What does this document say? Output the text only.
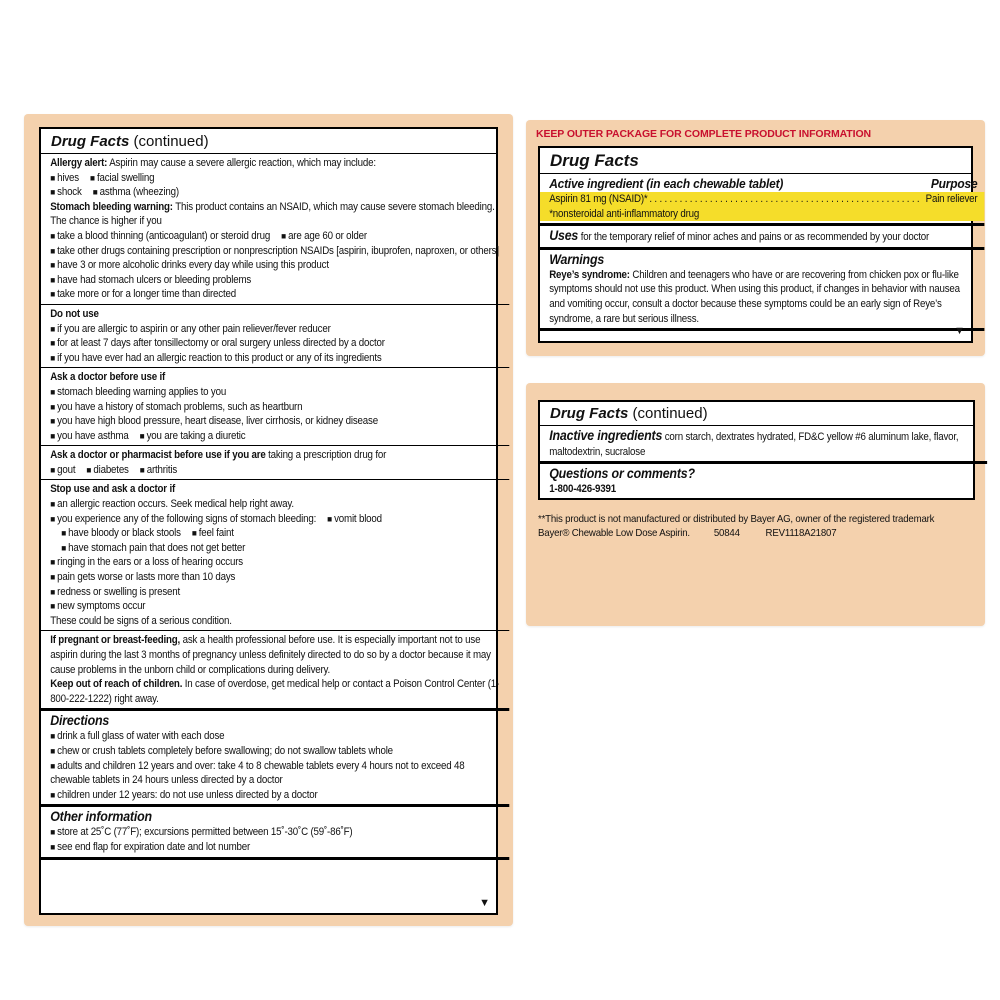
Drug Facts (continued)
Allergy alert: Aspirin may cause a severe allergic reaction, which may include:
■ hives ■ facial swelling
■ shock ■ asthma (wheezing)
Stomach bleeding warning: This product contains an NSAID, which may cause severe stomach bleeding. The chance is higher if you
■ take a blood thinning (anticoagulant) or steroid drug ■ are age 60 or older
■ take other drugs containing prescription or nonprescription NSAIDs [aspirin, ibuprofen, naproxen, or others]
■ have 3 or more alcoholic drinks every day while using this product
■ have had stomach ulcers or bleeding problems
■ take more or for a longer time than directed
Do not use
■ if you are allergic to aspirin or any other pain reliever/fever reducer
■ for at least 7 days after tonsillectomy or oral surgery unless directed by a doctor
■ if you have ever had an allergic reaction to this product or any of its ingredients
Ask a doctor before use if
■ stomach bleeding warning applies to you
■ you have a history of stomach problems, such as heartburn
■ you have high blood pressure, heart disease, liver cirrhosis, or kidney disease
■ you have asthma ■ you are taking a diuretic
Ask a doctor or pharmacist before use if you are taking a prescription drug for
■ gout ■ diabetes ■ arthritis
Stop use and ask a doctor if
■ an allergic reaction occurs. Seek medical help right away.
■ you experience any of the following signs of stomach bleeding: ■ vomit blood
■ have bloody or black stools ■ feel faint
■ have stomach pain that does not get better
■ ringing in the ears or a loss of hearing occurs
■ pain gets worse or lasts more than 10 days
■ redness or swelling is present
■ new symptoms occur
These could be signs of a serious condition.
If pregnant or breast-feeding, ask a health professional before use. It is especially important not to use aspirin during the last 3 months of pregnancy unless definitely directed to do so by a doctor because it may cause problems in the unborn child or complications during delivery.
Keep out of reach of children. In case of overdose, get medical help or contact a Poison Control Center (1-800-222-1222) right away.
Directions
■ drink a full glass of water with each dose
■ chew or crush tablets completely before swallowing; do not swallow tablets whole
■ adults and children 12 years and over: take 4 to 8 chewable tablets every 4 hours not to exceed 48 chewable tablets in 24 hours unless directed by a doctor
■ children under 12 years: do not use unless directed by a doctor
Other information
■ store at 25˚C (77˚F); excursions permitted between 15˚-30˚C (59˚-86˚F)
■ see end flap for expiration date and lot number
▼
KEEP OUTER PACKAGE FOR COMPLETE PRODUCT INFORMATION
Drug Facts
Active ingredient (in each chewable tablet)	Purpose
Aspirin 81 mg (NSAID)* . . . . . . . . . . . . . . . . . . . . . . . . . . . . . . . . . . . . . . . . . . . . . . . . . . . . . . Pain reliever
*nonsteroidal anti-inflammatory drug
Uses for the temporary relief of minor aches and pains or as recommended by your doctor
Warnings
Reye’s syndrome: Children and teenagers who have or are recovering from chicken pox or flu-like symptoms should not use this product. When using this product, if changes in behavior with nausea and vomiting occur, consult a doctor because these symptoms could be an early sign of Reye’s syndrome, a rare but serious illness.
▼
Drug Facts (continued)
Inactive ingredients corn starch, dextrates hydrated, FD&C yellow #6 aluminum lake, flavor, maltodextrin, sucralose
Questions or comments?
1-800-426-9391
**This product is not manufactured or distributed by Bayer AG, owner of the registered trademark
Bayer® Chewable Low Dose Aspirin. 50844 REV1118A21807
